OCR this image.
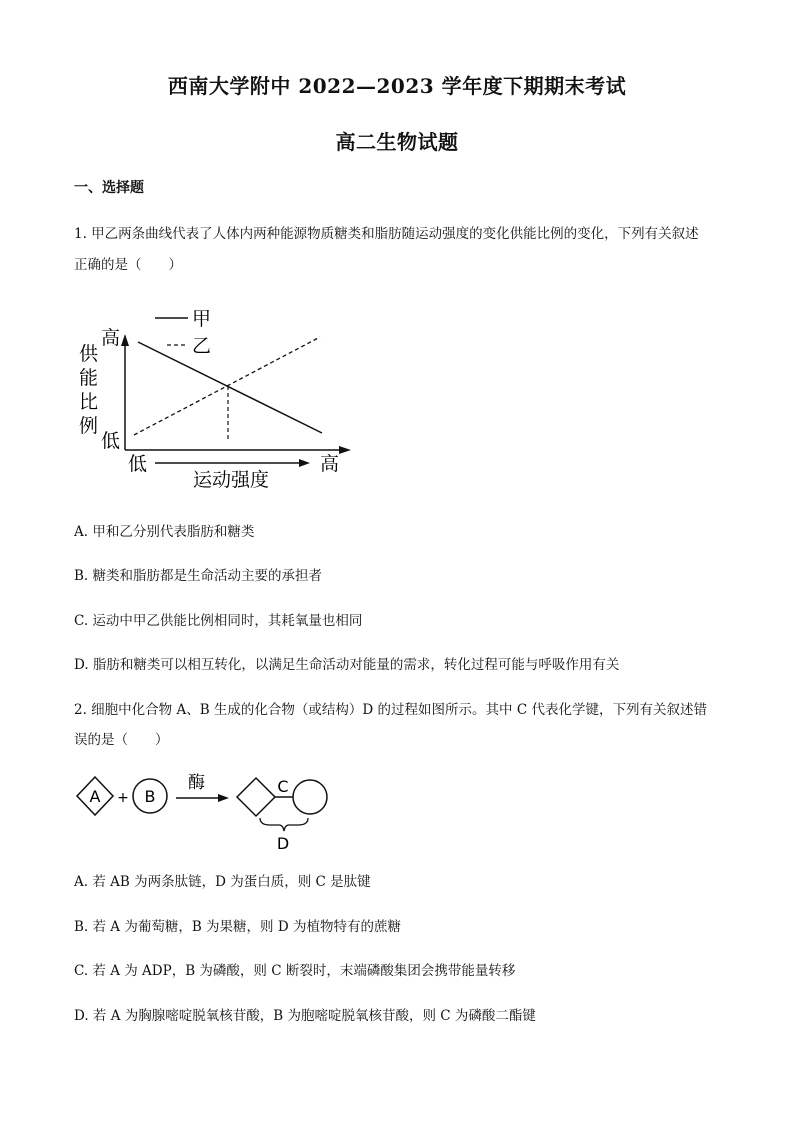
西南大学附中 2022—2023 学年度下期期末考试
高二生物试题
一、选择题
1. 甲乙两条曲线代表了人体内两种能源物质糖类和脂肪随运动强度的变化供能比例的变化，下列有关叙述
正确的是（　　）
甲
乙
高
低
供
能
比
例
低	高
运动强度
A. 甲和乙分别代表脂肪和糖类
B. 糖类和脂肪都是生命活动主要的承担者
C. 运动中甲乙供能比例相同时，其耗氧量也相同
D. 脂肪和糖类可以相互转化，以满足生命活动对能量的需求，转化过程可能与呼吸作用有关
2. 细胞中化合物 A、B 生成的化合物（或结构）D 的过程如图所示。其中 C 代表化学键，下列有关叙述错
误的是（　　）
A + B
酶	C
D
A. 若 AB 为两条肽链，D 为蛋白质，则 C 是肽键
B. 若 A 为葡萄糖，B 为果糖，则 D 为植物特有的蔗糖
C. 若 A 为 ADP，B 为磷酸，则 C 断裂时，末端磷酸集团会携带能量转移
D. 若 A 为胸腺嘧啶脱氧核苷酸，B 为胞嘧啶脱氧核苷酸，则 C 为磷酸二酯键
